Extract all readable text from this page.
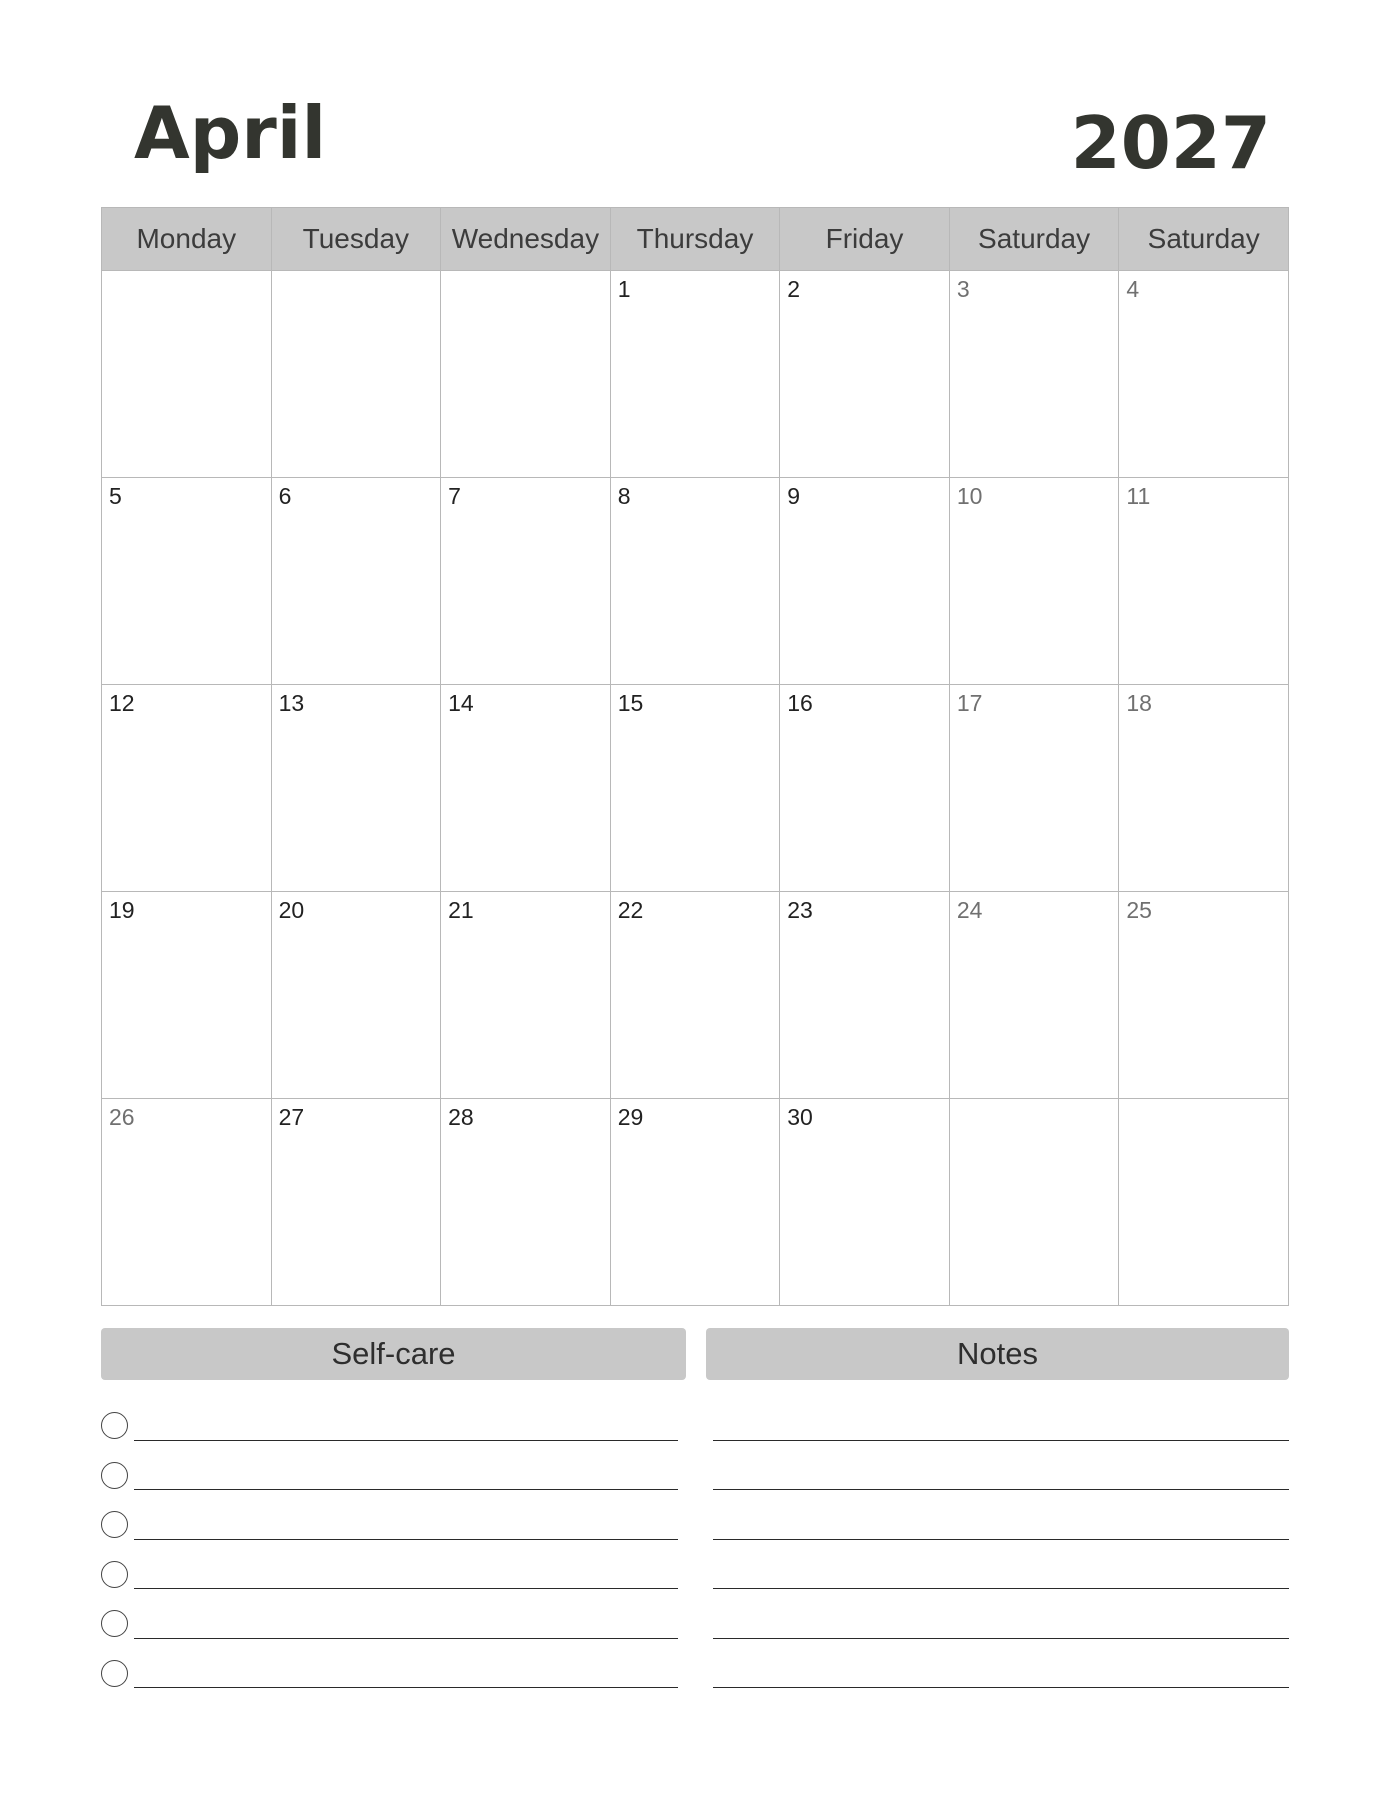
April	2027
Monday	Tuesday	Wednesday	Thursday	Friday	Saturday	Saturday

			1	2	3	4

5	6	7	8	9	10	11

12	13	14	15	16	17	18

19	20	21	22	23	24	25

26	27	28	29	30		

Self-care	Notes
